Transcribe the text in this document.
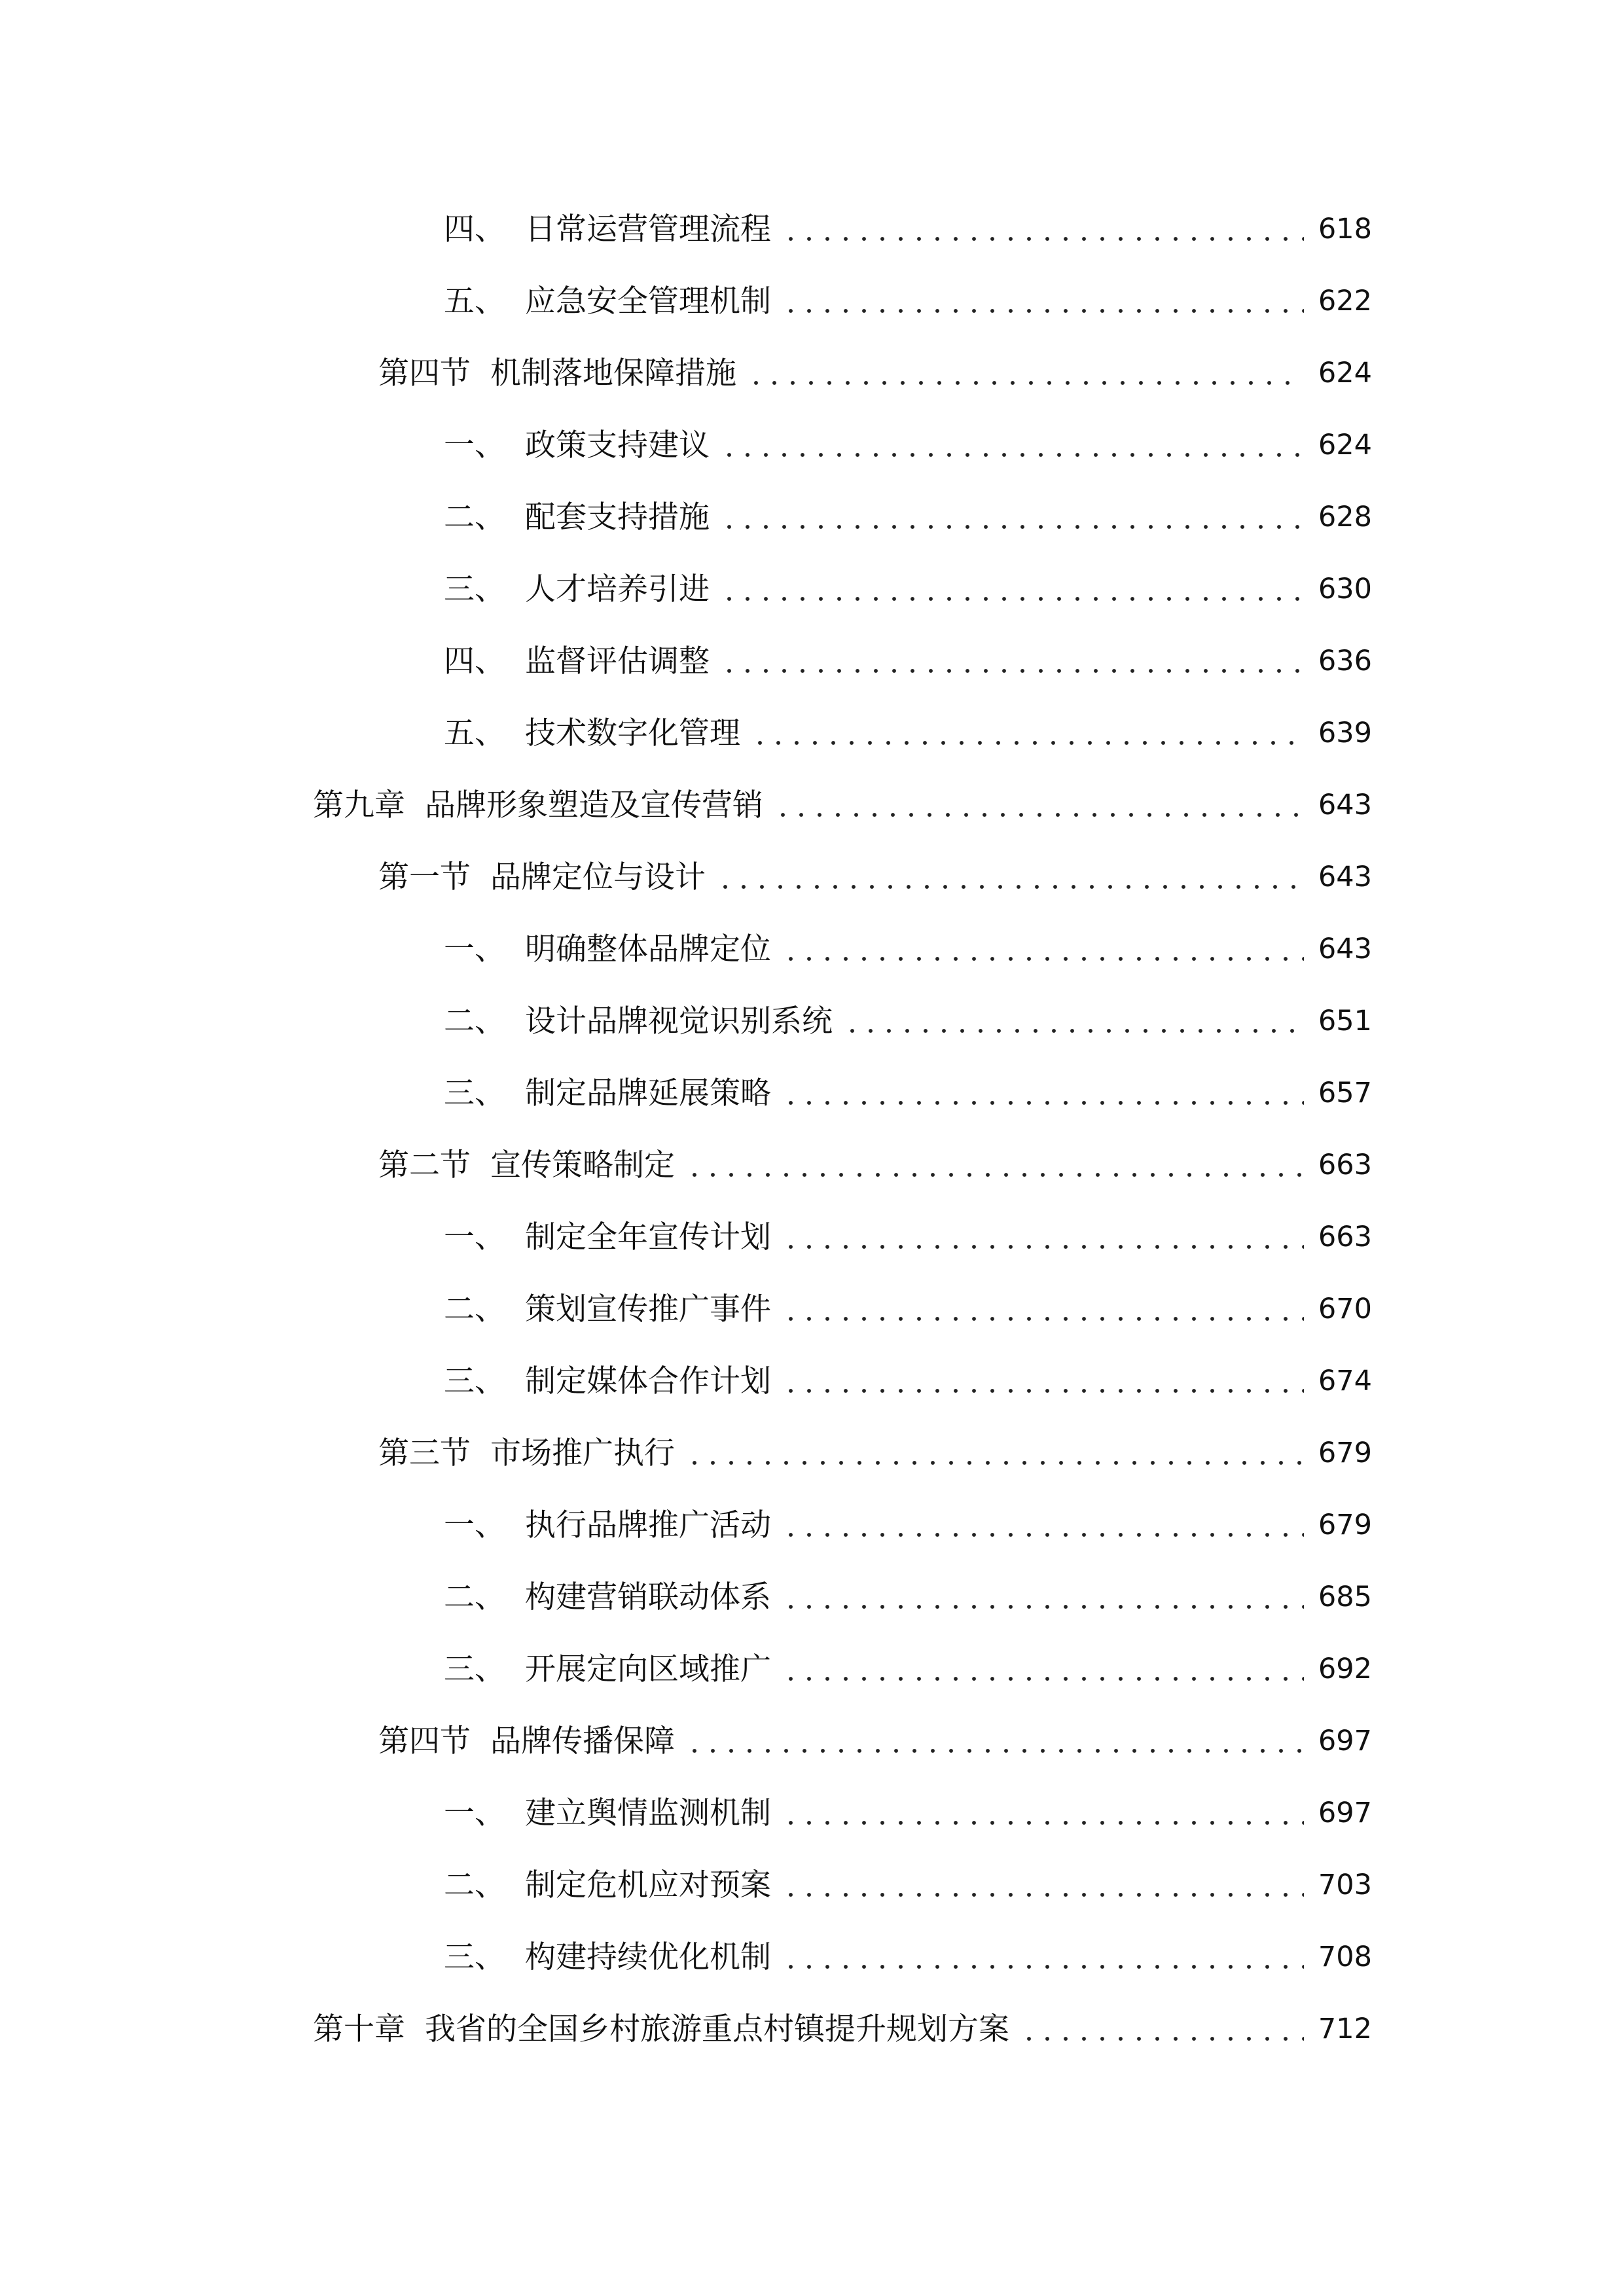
四、 日常运营管理流程	618
五、 应急安全管理机制	622
第四节 机制落地保障措施	624
一、 政策支持建议	624
二、 配套支持措施	628
三、 人才培养引进	630
四、 监督评估调整	636
五、 技术数字化管理	639
第九章 品牌形象塑造及宣传营销	643
第一节 品牌定位与设计	643
一、 明确整体品牌定位	643
二、 设计品牌视觉识别系统	651
三、 制定品牌延展策略	657
第二节 宣传策略制定	663
一、 制定全年宣传计划	663
二、 策划宣传推广事件	670
三、 制定媒体合作计划	674
第三节 市场推广执行	679
一、 执行品牌推广活动	679
二、 构建营销联动体系	685
三、 开展定向区域推广	692
第四节 品牌传播保障	697
一、 建立舆情监测机制	697
二、 制定危机应对预案	703
三、 构建持续优化机制	708
第十章 我省的全国乡村旅游重点村镇提升规划方案	712
